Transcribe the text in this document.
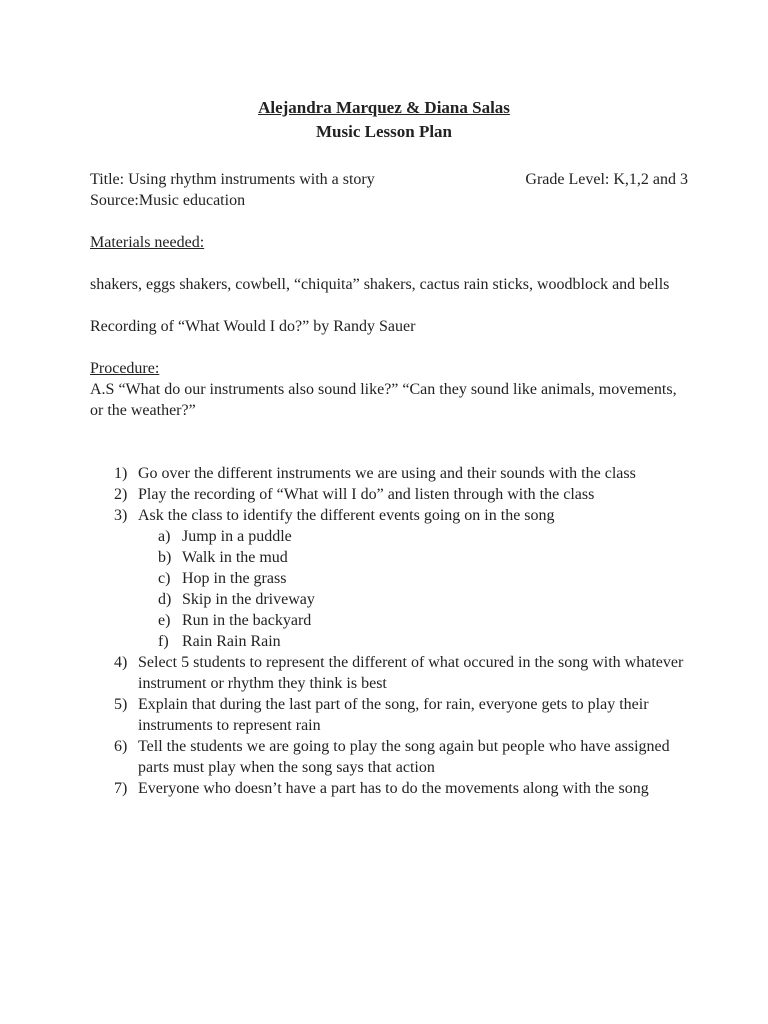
Alejandra Marquez & Diana Salas

Music Lesson Plan

Title: Using rhythm instruments with a story	Grade Level: K,1,2 and 3

Source:Music education

Materials needed:

shakers, eggs shakers, cowbell, “chiquita” shakers, cactus rain sticks, woodblock and bells

Recording of “What Would I do?” by Randy Sauer

Procedure:

A.S “What do our instruments also sound like?” “Can they sound like animals, movements, or the weather?”

1) Go over the different instruments we are using and their sounds with the class
2) Play the recording of “What will I do” and listen through with the class
3) Ask the class to identify the different events going on in the song
a) Jump in a puddle
b) Walk in the mud
c) Hop in the grass
d) Skip in the driveway
e) Run in the backyard
f) Rain Rain Rain
4) Select 5 students to represent the different of what occured in the song with whatever instrument or rhythm they think is best
5) Explain that during the last part of the song, for rain, everyone gets to play their instruments to represent rain
6) Tell the students we are going to play the song again but people who have assigned parts must play when the song says that action
7) Everyone who doesn’t have a part has to do the movements along with the song
